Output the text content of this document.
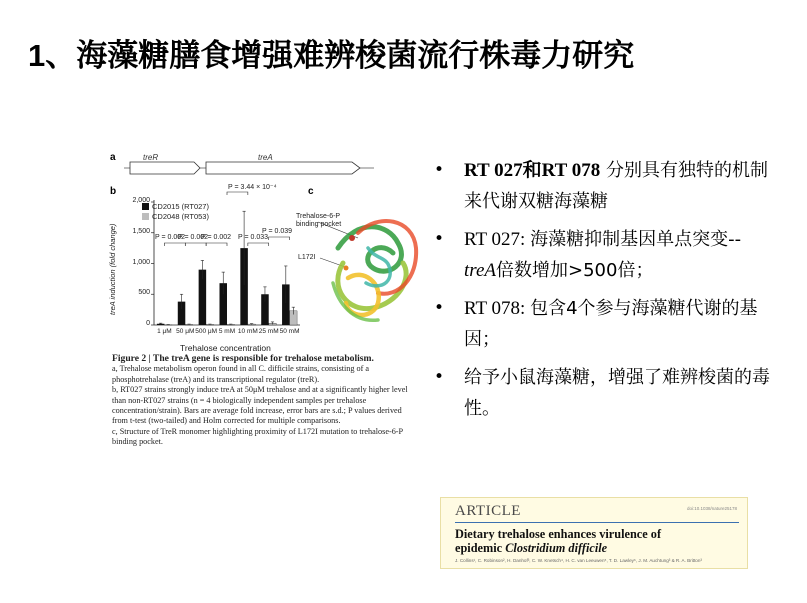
1、海藻糖膳食增强难辨梭菌流行株毒力研究
a	treR	treA
b
CD2015 (RT027)
CD2048 (RT053)
treA induction (fold change)
2,000
1,500
1,000
500
0
P = 3.44 × 10⁻⁴
P = 0.002
P = 0.002
P = 0.002 P = 0.033
P = 0.039
1 μM 50 μM 500 μM 5 mM 10 mM 25 mM 50 mM
Trehalose concentration
c
Trehalose-6-P
binding pocket
L172I
Figure 2 | The treA gene is responsible for trehalose metabolism.
a, Trehalose metabolism operon found in all C. difficile strains, consisting of a phosphotrehalase (treA) and its transcriptional regulator (treR).
b, RT027 strains strongly induce treA at 50μM trehalose and at a significantly higher level than non-RT027 strains (n = 4 biologically independent samples per trehalose concentration/strain). Bars are average fold increase, error bars are s.d.; P values derived from t-test (two-tailed) and Holm corrected for multiple comparisons.
c, Structure of TreR monomer highlighting proximity of L172I mutation to trehalose-6-P binding pocket.
• RT 027和RT 078 分别具有独特的机制来代谢双糖海藻糖
• RT 027: 海藻糖抑制基因单点突变-- treA倍数增加>500倍；
• RT 078: 包含4个参与海藻糖代谢的基因；
• 给予小鼠海藻糖，增强了难辨梭菌的毒性。
ARTICLE	doi:10.1038/nature25178
Dietary trehalose enhances virulence of
epidemic Clostridium difficile
J. Collins¹, C. Robinson², H. Danhof³, C. W. Knetsch⁴, H. C. van Leeuwen⁵, T. D. Lawley⁶, J. M. Auchtung³ & R. A. Britton³
